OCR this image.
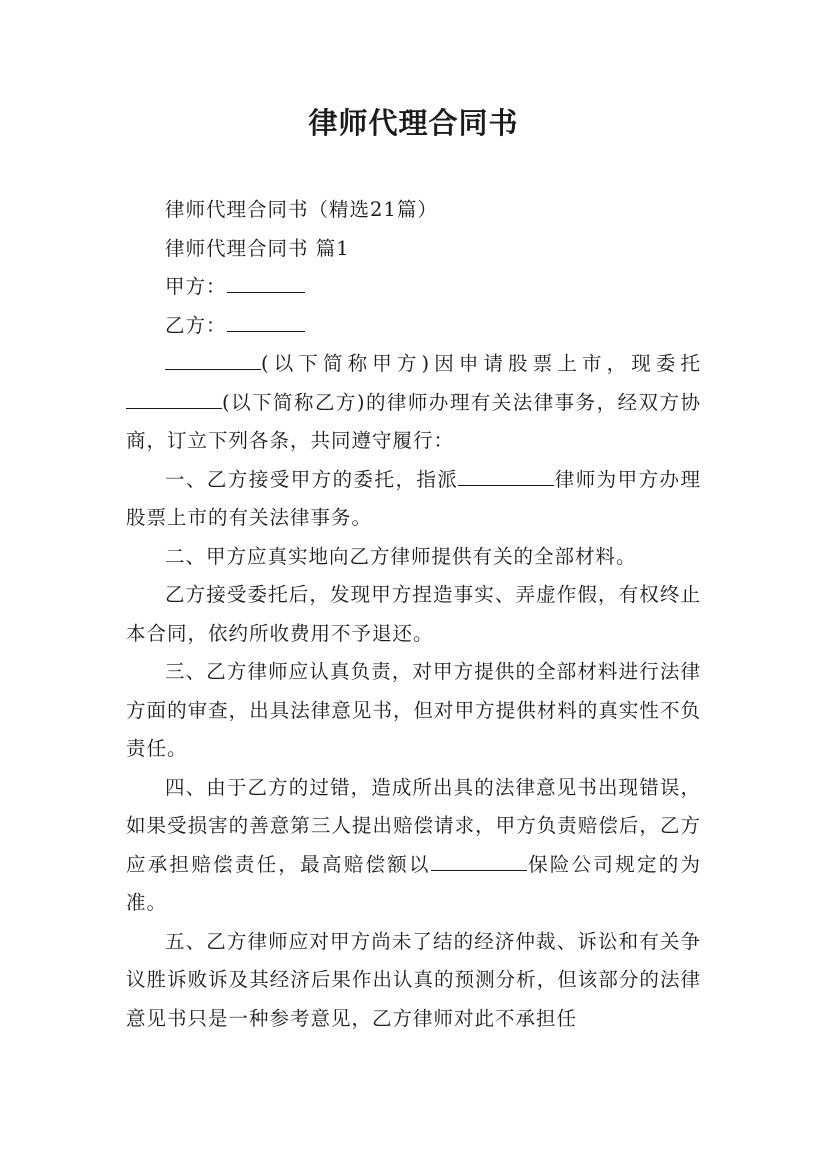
律师代理合同书

律师代理合同书（精选21篇）

律师代理合同书 篇1

甲方：

乙方：

(以下简称甲方)因申请股票上市，现委托(以下简称乙方)的律师办理有关法律事务，经双方协商，订立下列各条，共同遵守履行：

一、乙方接受甲方的委托，指派	律师为甲方办理股票上市的有关法律事务。

二、甲方应真实地向乙方律师提供有关的全部材料。

乙方接受委托后，发现甲方捏造事实、弄虚作假，有权终止本合同，依约所收费用不予退还。

三、乙方律师应认真负责，对甲方提供的全部材料进行法律方面的审查，出具法律意见书，但对甲方提供材料的真实性不负责任。

四、由于乙方的过错，造成所出具的法律意见书出现错误，如果受损害的善意第三人提出赔偿请求，甲方负责赔偿后，乙方应承担赔偿责任，最高赔偿额以	保险公司规定的为准。

五、乙方律师应对甲方尚未了结的经济仲裁、诉讼和有关争议胜诉败诉及其经济后果作出认真的预测分析，但该部分的法律意见书只是一种参考意见，乙方律师对此不承担任
